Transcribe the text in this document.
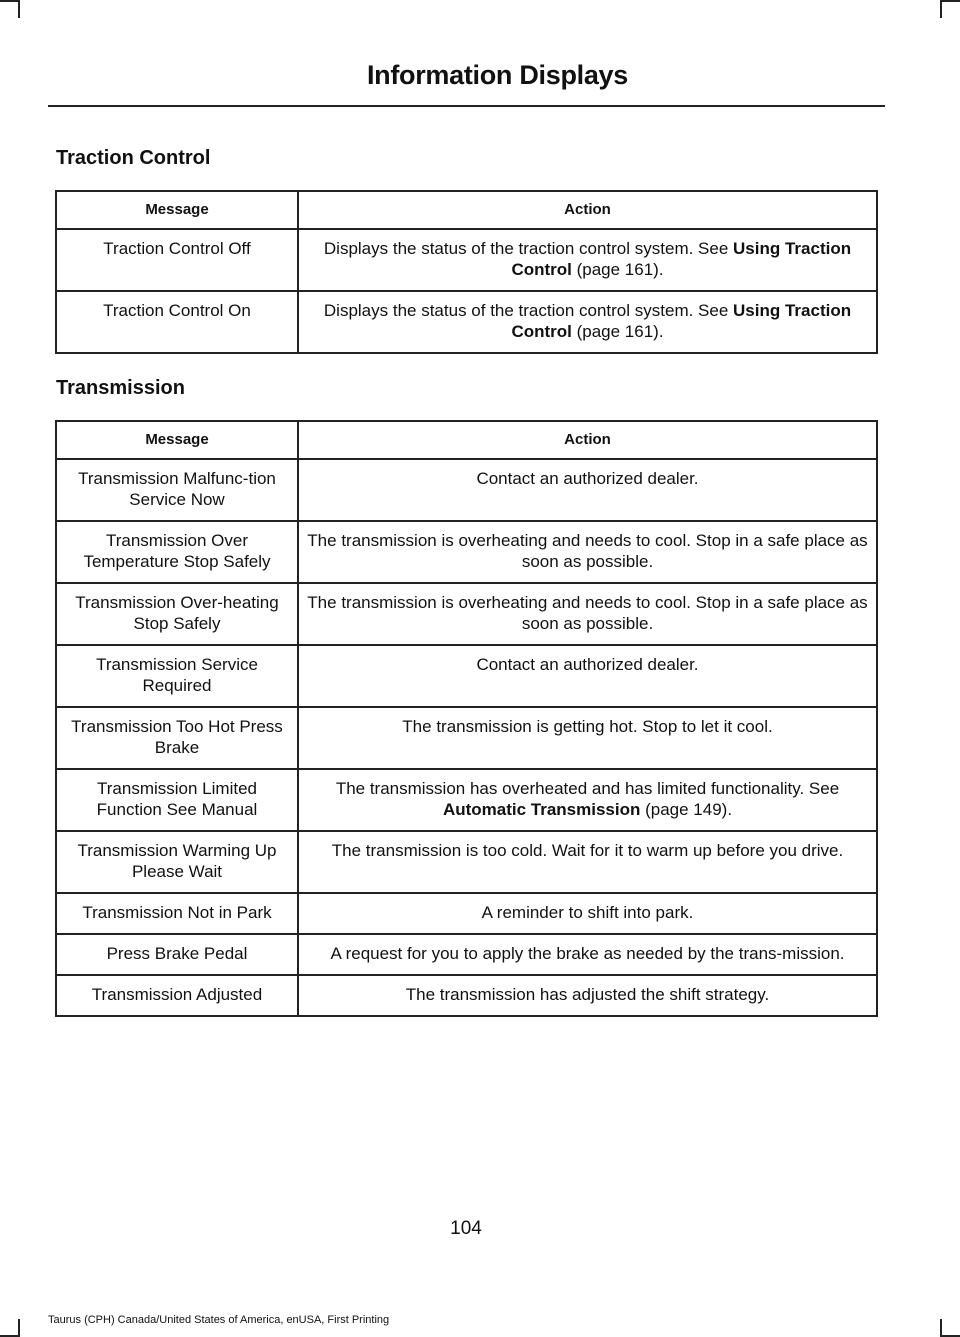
Information Displays
Traction Control
Message	Action
Traction Control Off	Displays the status of the traction control system. See Using Traction Control (page 161).
Traction Control On	Displays the status of the traction control system. See Using Traction Control (page 161).
Transmission
Message	Action
Transmission Malfunc-tion Service Now	Contact an authorized dealer.
Transmission Over Temperature Stop Safely	The transmission is overheating and needs to cool. Stop in a safe place as soon as possible.
Transmission Over-heating Stop Safely	The transmission is overheating and needs to cool. Stop in a safe place as soon as possible.
Transmission Service Required	Contact an authorized dealer.
Transmission Too Hot Press Brake	The transmission is getting hot. Stop to let it cool.
Transmission Limited Function See Manual	The transmission has overheated and has limited functionality. See Automatic Transmission (page 149).
Transmission Warming Up Please Wait	The transmission is too cold. Wait for it to warm up before you drive.
Transmission Not in Park	A reminder to shift into park.
Press Brake Pedal	A request for you to apply the brake as needed by the trans-mission.
Transmission Adjusted	The transmission has adjusted the shift strategy.
104
Taurus (CPH) Canada/United States of America, enUSA, First Printing
